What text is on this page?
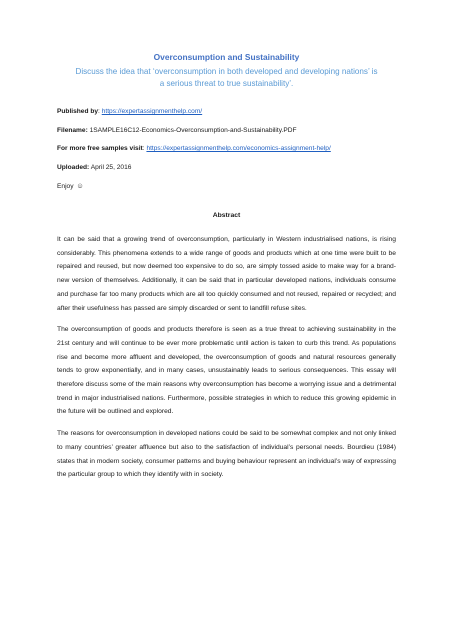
Overconsumption and Sustainability

Discuss the idea that ‘overconsumption in both developed and developing nations’ is a serious threat to true sustainability’.

Published by: https://expertassignmenthelp.com/

Filename: 1SAMPLE16C12-Economics-Overconsumption-and-Sustainability.PDF

For more free samples visit: https://expertassignmenthelp.com/economics-assignment-help/

Uploaded: April 25, 2016

Enjoy ☺

Abstract

It can be said that a growing trend of overconsumption, particularly in Western industrialised nations, is rising considerably. This phenomena extends to a wide range of goods and products which at one time were built to be repaired and reused, but now deemed too expensive to do so, are simply tossed aside to make way for a brand-new version of themselves. Additionally, it can be said that in particular developed nations, individuals consume and purchase far too many products which are all too quickly consumed and not reused, repaired or recycled; and after their usefulness has passed are simply discarded or sent to landfill refuse sites.

The overconsumption of goods and products therefore is seen as a true threat to achieving sustainability in the 21st century and will continue to be ever more problematic until action is taken to curb this trend. As populations rise and become more affluent and developed, the overconsumption of goods and natural resources generally tends to grow exponentially, and in many cases, unsustainably leads to serious consequences. This essay will therefore discuss some of the main reasons why overconsumption has become a worrying issue and a detrimental trend in major industrialised nations. Furthermore, possible strategies in which to reduce this growing epidemic in the future will be outlined and explored.

The reasons for overconsumption in developed nations could be said to be somewhat complex and not only linked to many countries’ greater affluence but also to the satisfaction of individual’s personal needs. Bourdieu (1984) states that in modern society, consumer patterns and buying behaviour represent an individual’s way of expressing the particular group to which they identify with in society.
